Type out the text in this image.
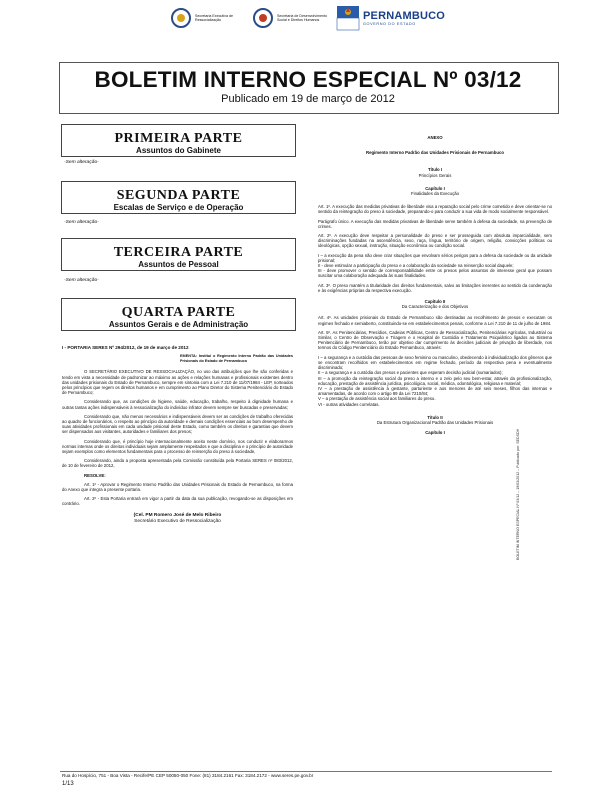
Secretaria Executiva de Ressocialização
Secretaria de Desenvolvimento Social e Direitos Humanos	PERNAMBUCO
GOVERNO DO ESTADO
BOLETIM INTERNO ESPECIAL Nº 03/12
Publicado em 19 de março de 2012
PRIMEIRA PARTE
Assuntos do Gabinete
-Sem alteração-
SEGUNDA PARTE
Escalas de Serviço e de Operação
-Sem alteração-
TERCEIRA PARTE
Assuntos de Pessoal
-Sem alteração-
QUARTA PARTE
Assuntos Gerais e de Administração
I - PORTARIA SERES Nº 294/2012, de 19 de março de 2012
EMENTA: Institui o Regimento Interno Padrão das Unidades Prisionais do Estado de Pernambuco
O SECRETÁRIO EXECUTIVO DE RESSOCIALIZAÇÃO, no uso das atribuições que lhe são conferidas e tendo em vista a necessidade de padronizar ao máximo as ações e relações humanas e profissionais existentes dentro das unidades prisionais do Estado de Pernambuco, sempre em sintonia com a Lei 7.210 de 11/07/1984 - LEP, norteados pelos princípios que regem os direitos humanos e em cumprimento ao Plano Diretor do Sistema Penitenciário do Estado de Pernambuco;
Considerando que, as condições de higiene, saúde, educação, trabalho, respeito à dignidade humana e outras tantas ações indispensáveis à ressocialização do indivíduo infrator devem sempre ser buscadas e preservadas;
Considerando que, não menos necessários e indispensáveis devem ser as condições de trabalho oferecidas ao quadro de funcionários, o respeito ao princípio da autoridade e demais condições essenciais ao bom desempenho de suas atividades profissionais em cada unidade prisional deste Estado, como também os direitos e garantias que devem ser dispensados aos visitantes, autoridades e familiares dos presos;
Considerando que, é princípio hoje internacionalmente aceito neste domínio, nos conduzir e elaborarmos normas internas onde os direitos individuais sejam amplamente respeitados e que a disciplina e o princípio de autoridade sejam exemplos como elementos fundamentais para o processo de reinserção do preso à sociedade,
Considerando, ainda a proposta apresentada pela Comissão constituída pela Portaria SERES nº 083/2012, de 10 de fevereiro de 2012,
RESOLVE:
Art. 1º - Aprovar o Regimento Interno Padrão das Unidades Prisionais do Estado de Pernambuco, na forma do Anexo que integra a presente portaria.
Art. 2º - Esta Portaria entrará em vigor a partir da data da sua publicação, revogando-se as disposições em contrário.
(Cel. PM Romero José de Melo Ribeiro
Secretário Executivo de Ressocialização
ANEXO
Regimento Interno Padrão das Unidades Prisionais de Pernambuco
Título I
Princípios Gerais
Capítulo I
Finalidades da Execução
Art. 1º. A execução das medidas privativas de liberdade visa a reparação social pelo crime cometido e deve orientar-se no sentido da reintegração do preso à sociedade, preparando-o para conduzir a sua vida de modo socialmente responsável.
Parágrafo único. A execução das medidas privativas de liberdade serve também à defesa da sociedade, na prevenção de crimes.
Art. 2º. A execução deve respeitar a personalidade do preso e ser prosseguida com absoluta imparcialidade, sem discriminações fundadas na ascendência, sexo, raça, língua, território de origem, religião, convicções políticas ou ideológicas, opção sexual, instrução, situação econômica ou condição social.
I – a execução da pena não deve criar situações que envolvam sérios perigos para a defesa da sociedade ou da unidade prisional;
II - deve estimular a participação do preso e a colaboração da sociedade na reinserção social daquele;
III - deve promover o sentido de corresponsabilidade entre os presos pelos assuntos de interesse geral que possam suscitar uma colaboração adequada às suas finalidades.
Art. 3º. O preso mantém a titularidade dos direitos fundamentais, salvo as limitações inerentes ao sentido da condenação e às exigências próprias da respectiva execução.
Capítulo II
Da Caracterização e dos Objetivos
Art. 4º. As unidades prisionais do Estado de Pernambuco são destinadas ao recolhimento de presos e executam os regimes fechado e semiaberto, constituindo-se em estabelecimentos penais, conforme a Lei 7.210 de 11 de julho de 1984.
Art. 5º. As Penitenciárias, Presídios, Cadeias Públicas, Centro de Ressocialização, Penitenciárias Agrícolas, Industrial ou Similar, o Centro de Observação e Triagem e o Hospital de Custódia e Tratamento Psiquiátrico ligados ao Sistema Penitenciário de Pernambuco, terão por objetivo dar cumprimento às decisões judiciais de privação de liberdade, nos termos do Código Penitenciário do Estado Pernambuco, através:
I – a segurança e a custódia das pessoas de sexo feminino ou masculino, obedecendo à individualização dos gêneros que se encontram recolhidos em estabelecimentos em regime fechado, período da respectiva pena e eventualmente discriminado;
II – a segurança e a custódia dos presos e pacientes que esperam decisão judicial (sumariados);
III – a promoção da reintegração social do preso a interno e o zelo pelo seu bem-estar, através da profissionalização, educação, prestação de assistência jurídica, psicológica, social, médica, odontológica, religiosa e material;
IV – a prestação de assistência à gestante, parturiente e aos menores de até seis meses, filhos das internas e amamentadas, de acordo com o artigo 89 da Lei 7210/84;
V – a prestação de assistência social aos familiares do preso.
VI - outras atividades correlatas.
Título II
Da Estrutura Organizacional Padrão das Unidades Prisionais
Capítulo I	BOLETIM INTERNO ESPECIAL Nº 03/12 – 19/03/2012 – Publicado por: SEDSDH
Rua do Hospício, 751 - Boa Vista - Recife/PE CEP 50050-050 Fone: (81) 3184.2161 Fax: 3184.2172 - www.seres.pe.gov.br
1/13
